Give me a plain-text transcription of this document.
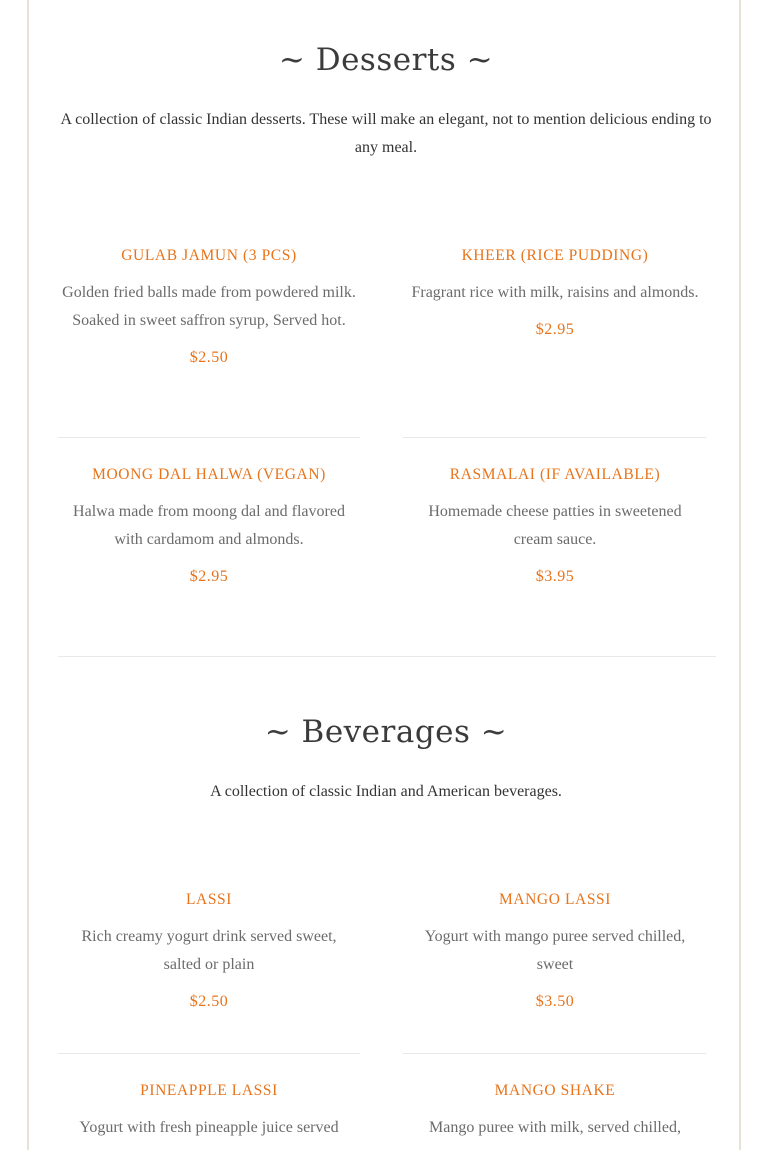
~ Desserts ~

A collection of classic Indian desserts. These will make an elegant, not to mention delicious ending to any meal.

GULAB JAMUN (3 PCS)

Golden fried balls made from powdered milk. Soaked in sweet saffron syrup, Served hot.

$2.50

KHEER (RICE PUDDING)

Fragrant rice with milk, raisins and almonds.

$2.95

MOONG DAL HALWA (VEGAN)

Halwa made from moong dal and flavored with cardamom and almonds.

$2.95

RASMALAI (IF AVAILABLE)

Homemade cheese patties in sweetened cream sauce.

$3.95

~ Beverages ~

A collection of classic Indian and American beverages.

LASSI

Rich creamy yogurt drink served sweet, salted or plain

$2.50

MANGO LASSI

Yogurt with mango puree served chilled, sweet

$3.50

PINEAPPLE LASSI

Yogurt with fresh pineapple juice served

MANGO SHAKE

Mango puree with milk, served chilled,
